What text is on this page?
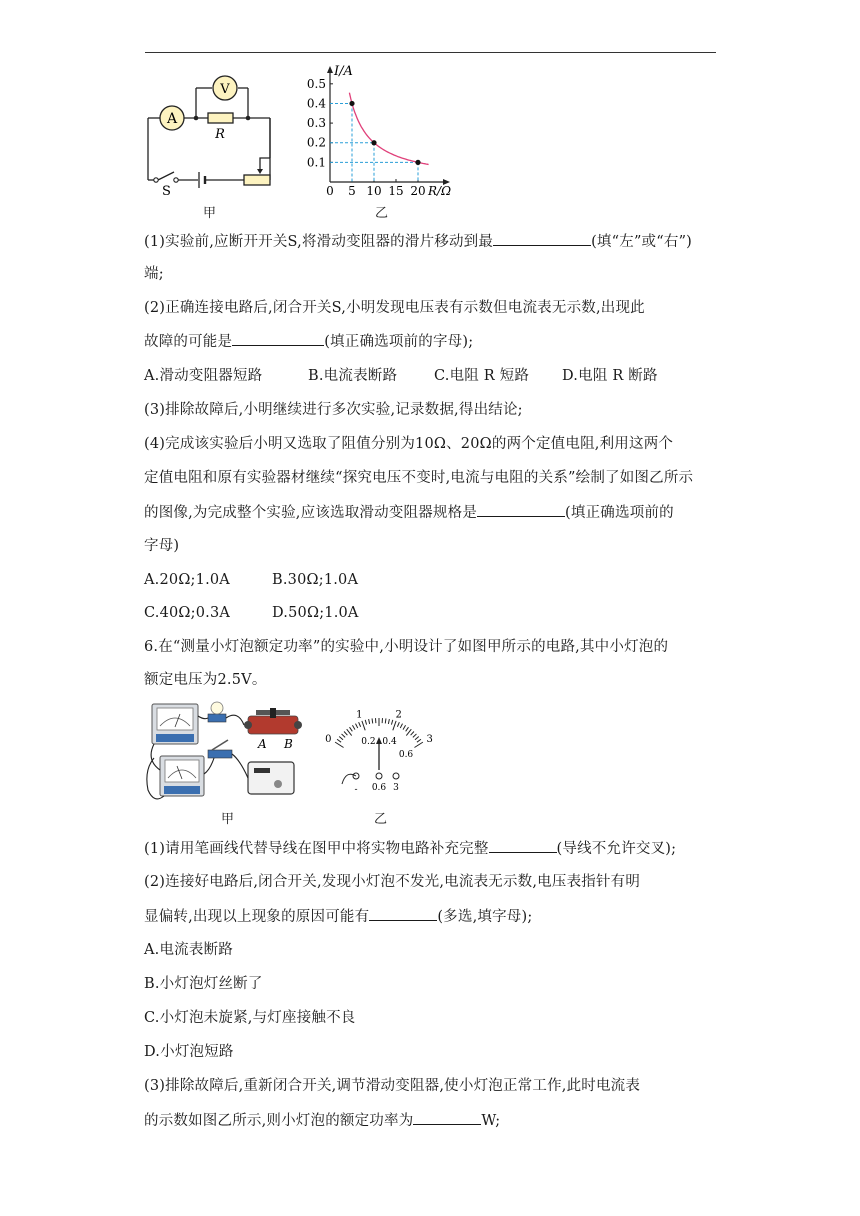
A
V
R
S
甲
0 5 10 15 20
0.1
0.2
0.3
0.4
0.5
I/A
R/Ω
乙
(1)实验前,应断开开关S,将滑动变阻器的滑片移动到最	(填“左”或“右”)
端;
(2)正确连接电路后,闭合开关S,小明发现电压表有示数但电流表无示数,出现此
故障的可能是	(填正确选项前的字母);
A.滑动变阻器短路	B.电流表断路	C.电阻 R 短路 D.电阻 R 断路
(3)排除故障后,小明继续进行多次实验,记录数据,得出结论;
(4)完成该实验后小明又选取了阻值分别为10Ω、20Ω的两个定值电阻,利用这两个
定值电阻和原有实验器材继续“探究电压不变时,电流与电阻的关系”绘制了如图乙所示
的图像,为完成整个实验,应该选取滑动变阻器规格是	(填正确选项前的
字母)
A.20Ω;1.0A	B.30Ω;1.0A
C.40Ω;0.3A	D.50Ω;1.0A
6.在“测量小灯泡额定功率”的实验中,小明设计了如图甲所示的电路,其中小灯泡的
额定电压为2.5V。
A B
甲
0
1	2
3
0.2 0.4
0.6
- 0.6 3
乙
(1)请用笔画线代替导线在图甲中将实物电路补充完整	(导线不允许交叉);
(2)连接好电路后,闭合开关,发现小灯泡不发光,电流表无示数,电压表指针有明
显偏转,出现以上现象的原因可能有	(多选,填字母);
A.电流表断路
B.小灯泡灯丝断了
C.小灯泡未旋紧,与灯座接触不良
D.小灯泡短路
(3)排除故障后,重新闭合开关,调节滑动变阻器,使小灯泡正常工作,此时电流表
的示数如图乙所示,则小灯泡的额定功率为	W;
